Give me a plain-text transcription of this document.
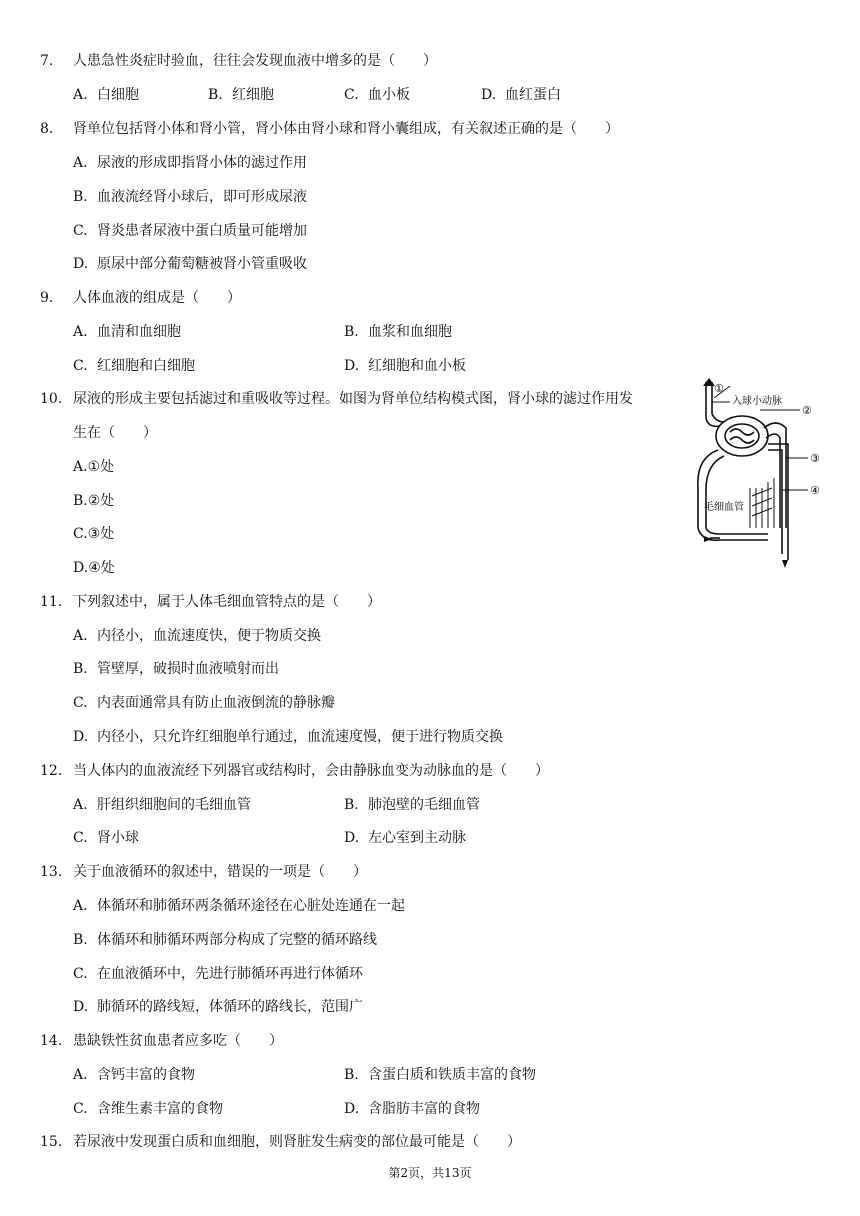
7. 人患急性炎症时验血，往往会发现血液中增多的是（　　）
A. 白细胞	B. 红细胞	C. 血小板	D. 血红蛋白
8. 肾单位包括肾小体和肾小管，肾小体由肾小球和肾小囊组成，有关叙述正确的是（　　）
A. 尿液的形成即指肾小体的滤过作用
B. 血液流经肾小球后，即可形成尿液
C. 肾炎患者尿液中蛋白质量可能增加
D. 原尿中部分葡萄糖被肾小管重吸收
9. 人体血液的组成是（　　）
A. 血清和血细胞	B. 血浆和血细胞
C. 红细胞和白细胞	D. 红细胞和血小板
10. 尿液的形成主要包括滤过和重吸收等过程。如图为肾单位结构模式图，肾小球的滤过作用发
生在（　　）
A.①处
B.②处
C.③处
D.④处
①
入球小动脉
②
③
④
毛细血管
11. 下列叙述中，属于人体毛细血管特点的是（　　）
A. 内径小，血流速度快，便于物质交换
B. 管壁厚，破损时血液喷射而出
C. 内表面通常具有防止血液倒流的静脉瓣
D. 内径小，只允许红细胞单行通过，血流速度慢，便于进行物质交换
12. 当人体内的血液流经下列器官或结构时，会由静脉血变为动脉血的是（　　）
A. 肝组织细胞间的毛细血管	B. 肺泡壁的毛细血管
C. 肾小球	D. 左心室到主动脉
13. 关于血液循环的叙述中，错误的一项是（　　）
A. 体循环和肺循环两条循环途径在心脏处连通在一起
B. 体循环和肺循环两部分构成了完整的循环路线
C. 在血液循环中，先进行肺循环再进行体循环
D. 肺循环的路线短，体循环的路线长，范围广
14. 患缺铁性贫血患者应多吃（　　）
A. 含钙丰富的食物	B. 含蛋白质和铁质丰富的食物
C. 含维生素丰富的食物	D. 含脂肪丰富的食物
15. 若尿液中发现蛋白质和血细胞，则肾脏发生病变的部位最可能是（　　）
第2页，共13页
